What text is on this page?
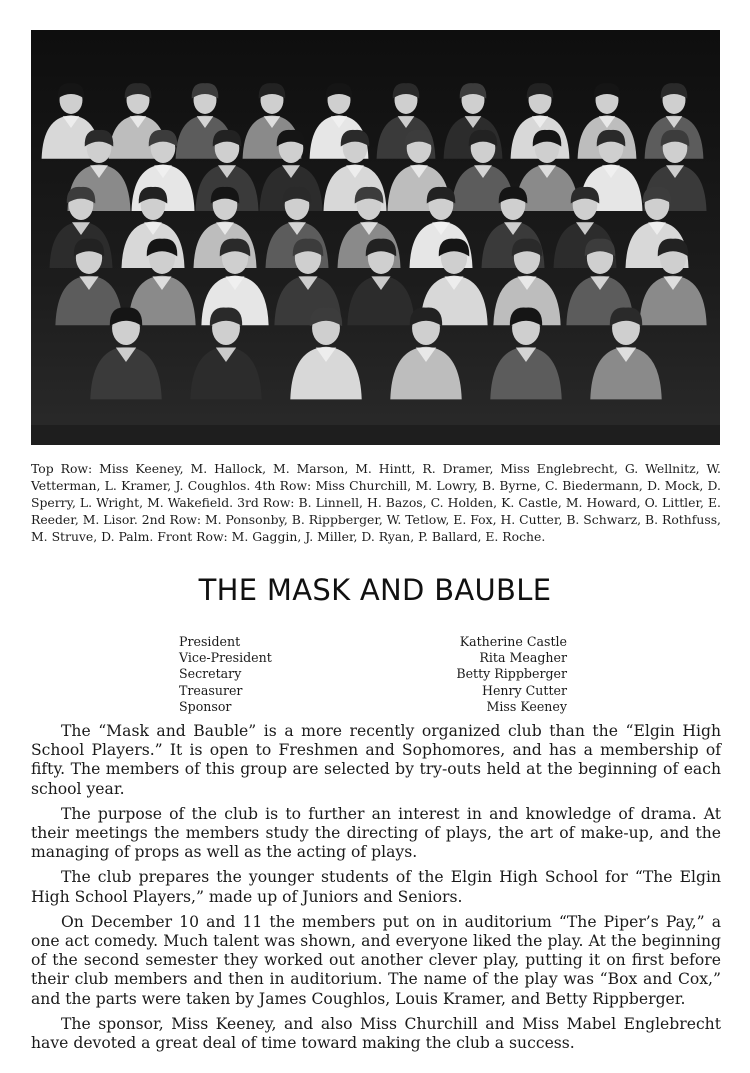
Top Row: Miss Keeney, M. Hallock, M. Marson, M. Hintt, R. Dramer, Miss Englebrecht, G. Wellnitz, W. Vetterman, L. Kramer, J. Coughlos. 4th Row: Miss Churchill, M. Lowry, B. Byrne, C. Biedermann, D. Mock, D. Sperry, L. Wright, M. Wakefield. 3rd Row: B. Linnell, H. Bazos, C. Holden, K. Castle, M. Howard, O. Littler, E. Reeder, M. Lisor. 2nd Row: M. Ponsonby, B. Rippberger, W. Tetlow, E. Fox, H. Cutter, B. Schwarz, B. Rothfuss, M. Struve, D. Palm. Front Row: M. Gaggin, J. Miller, D. Ryan, P. Ballard, E. Roche.

THE MASK AND BAUBLE
President	Katherine Castle
Vice-President	Rita Meagher
Secretary	Betty Rippberger
Treasurer	Henry Cutter
Sponsor	Miss Keeney

The “Mask and Bauble” is a more recently organized club than the “Elgin High School Players.” It is open to Freshmen and Sophomores, and has a membership of fifty. The members of this group are selected by try-outs held at the beginning of each school year.

The purpose of the club is to further an interest in and knowledge of drama. At their meetings the members study the directing of plays, the art of make-up, and the managing of props as well as the acting of plays.

The club prepares the younger students of the Elgin High School for “The Elgin High School Players,” made up of Juniors and Seniors.

On December 10 and 11 the members put on in auditorium “The Piper’s Pay,” a one act comedy. Much talent was shown, and everyone liked the play. At the beginning of the second semester they worked out another clever play, putting it on first before their club members and then in auditorium. The name of the play was “Box and Cox,” and the parts were taken by James Coughlos, Louis Kramer, and Betty Rippberger.

The sponsor, Miss Keeney, and also Miss Churchill and Miss Mabel Englebrecht have devoted a great deal of time toward making the club a success.
